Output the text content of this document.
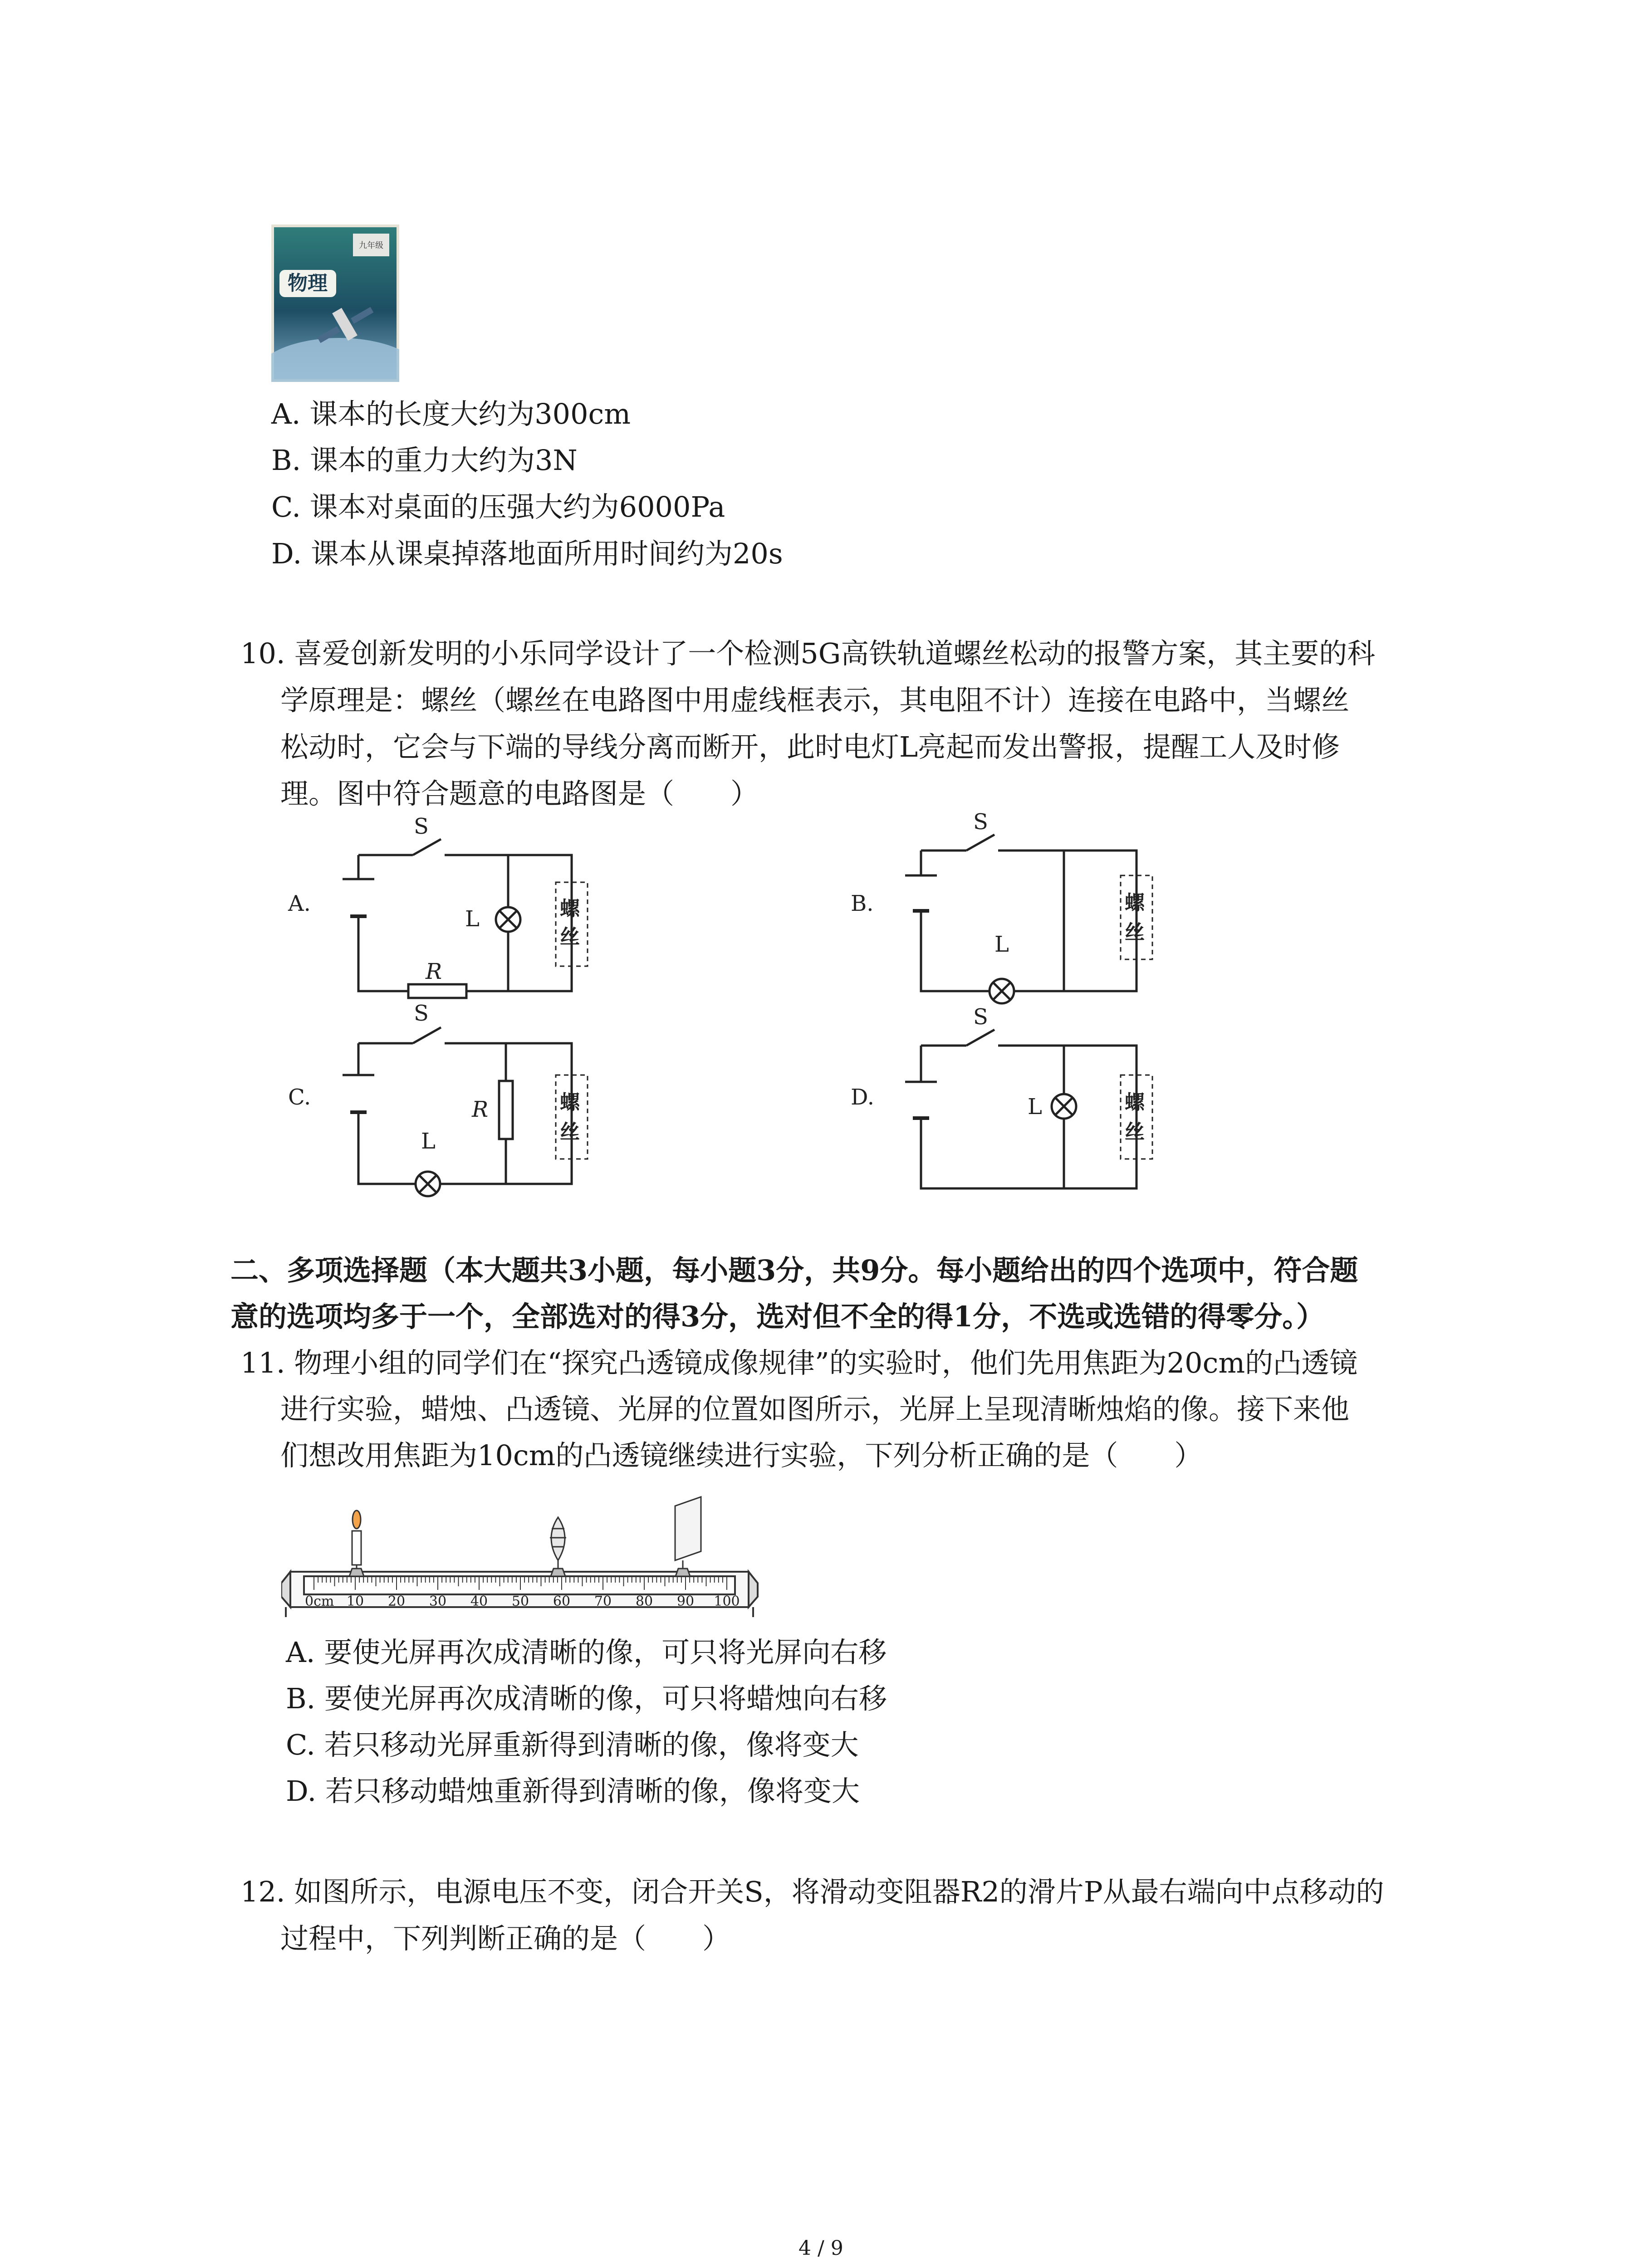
九年级
物理
A. 课本的长度大约为300cm
B. 课本的重力大约为3N
C. 课本对桌面的压强大约为6000Pa
D. 课本从课桌掉落地面所用时间约为20s
10. 喜爱创新发明的小乐同学设计了一个检测5G高铁轨道螺丝松动的报警方案，其主要的科
学原理是：螺丝（螺丝在电路图中用虚线框表示，其电阻不计）连接在电路中，当螺丝
松动时，它会与下端的导线分离而断开，此时电灯L亮起而发出警报，提醒工人及时修
理。图中符合题意的电路图是（　　）
A.
S
L
R
螺
丝
B.
S
L
螺
丝
C.
S
L
R	螺
丝
D.
S
L	螺
丝
二、多项选择题（本大题共3小题，每小题3分，共9分。每小题给出的四个选项中，符合题
意的选项均多于一个，全部选对的得3分，选对但不全的得1分，不选或选错的得零分。）
11. 物理小组的同学们在“探究凸透镜成像规律”的实验时，他们先用焦距为20cm的凸透镜
进行实验，蜡烛、凸透镜、光屏的位置如图所示，光屏上呈现清晰烛焰的像。接下来他
们想改用焦距为10cm的凸透镜继续进行实验，下列分析正确的是（　　）
0cm 10 20 30 40 50 60 70 80 90 100
A. 要使光屏再次成清晰的像，可只将光屏向右移
B. 要使光屏再次成清晰的像，可只将蜡烛向右移
C. 若只移动光屏重新得到清晰的像，像将变大
D. 若只移动蜡烛重新得到清晰的像，像将变大
12. 如图所示，电源电压不变，闭合开关S，将滑动变阻器R2的滑片P从最右端向中点移动的
过程中，下列判断正确的是（　　）
4 / 9
